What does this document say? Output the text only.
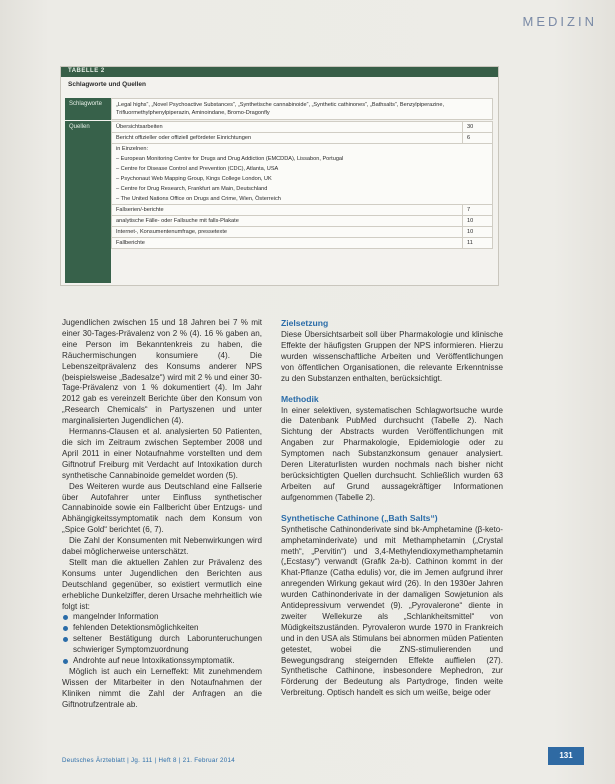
MEDIZIN
TABELLE 2
Schlagworte und Quellen
Schlagworte	„Legal highs“, „Novel Psychoactive Substances“, „Synthetische cannabinoide“, „Synthetic cathinones“, „Bathsalts“, Benzylpiperazine, Trifluormethylphenylpiperazin, Aminoindane, Bromo-Dragonfly
Quellen	Übersichtsarbeiten	30
Bericht offizieller oder offiziell gefördeter Einrichtungen	6
in Einzelnen:
– European Monitoring Centre for Drugs and Drug Addiction (EMCDDA), Lissabon, Portugal
– Centre for Disease Control and Prevention (CDC), Atlanta, USA
– Psychonaut Web Mapping Group, Kings College London, UK
– Centre for Drug Research, Frankfurt am Main, Deutschland
– The United Nations Office on Drugs and Crime, Wien, Österreich
Fallserien/-berichte	7
analytische Fälle- oder Fallsuche mit falls-Plakate	10
Internet-, Konsumentenumfrage, pressetexte	10
Fallberichte	11

Jugendlichen zwischen 15 und 18 Jahren bei 7 % mit einer 30-Tages-Prävalenz von 2 % (4). 16 % gaben an, eine Person im Bekanntenkreis zu haben, die Räuchermischungen konsumiere (4). Die Lebenszeitprävalenz des Konsums anderer NPS (beispielsweise „Badesalze“) wird mit 2 % und einer 30-Tage-Prävalenz von 1 % dokumentiert (4). Im Jahr 2012 gab es vereinzelt Berichte über den Konsum von „Research Chemicals“ in Partyszenen und unter marginalisierten Jugendlichen (4).

Hermanns-Clausen et al. analysierten 50 Patienten, die sich im Zeitraum zwischen September 2008 und April 2011 in einer Notaufnahme vorstellten und dem Giftnotruf Freiburg mit Verdacht auf Intoxikation durch synthetische Cannabinoide gemeldet worden (5).

Des Weiteren wurde aus Deutschland eine Fallserie über Autofahrer unter Einfluss synthetischer Cannabinoide sowie ein Fallbericht über Entzugs- und Abhängigkeitssymptomatik nach dem Konsum von „Spice Gold“ berichtet (6, 7).

Die Zahl der Konsumenten mit Nebenwirkungen wird dabei möglicherweise unterschätzt.

Stellt man die aktuellen Zahlen zur Prävalenz des Konsums unter Jugendlichen den Berichten aus Deutschland gegenüber, so existiert vermutlich eine erhebliche Dunkelziffer, deren Ursache mehrheitlich wie folgt ist:

mangelnder Information
fehlenden Detektionsmöglichkeiten
seltener Bestätigung durch Laborunteruchungen schwieriger Symptomzuordnung
Androhte auf neue Intoxikationssymptomatik.

Möglich ist auch ein Lerneffekt: Mit zunehmendem Wissen der Mitarbeiter in den Notaufnahmen der Kliniken nimmt die Zahl der Anfragen an die Giftnotrufzentrale ab.

Zielsetzung

Diese Übersichtsarbeit soll über Pharmakologie und klinische Effekte der häufigsten Gruppen der NPS informieren. Hierzu wurden wissenschaftliche Arbeiten und Veröffentlichungen von öffentlichen Organisationen, die relevante Erkenntnisse zu den Substanzen enthalten, berücksichtigt.

Methodik

In einer selektiven, systematischen Schlagwortsuche wurde die Datenbank PubMed durchsucht (Tabelle 2). Nach Sichtung der Abstracts wurden Veröffentlichungen mit Angaben zur Pharmakologie, Epidemiologie oder zu Symptomen nach Substanzkonsum genauer analysiert. Deren Literaturlisten wurden nochmals nach bisher nicht berücksichtigten Quellen durchsucht. Schließlich wurden 63 Arbeiten auf Grund aussagekräftiger Informationen aufgenommen (Tabelle 2).

Synthetische Cathinone („Bath Salts“)

Synthetische Cathinonderivate sind bk-Amphetamine (β-keto-amphetaminderivate) und mit Methamphetamin („Crystal meth“, „Pervitin“) und 3,4-Methylendioxymethamphetamin („Ecstasy“) verwandt (Grafik 2a-b). Cathinon kommt in der Khat-Pflanze (Catha edulis) vor, die im Jemen aufgrund ihrer anregenden Wirkung gekaut wird (26). In den 1930er Jahren wurden Cathinonderivate in der damaligen Sowjetunion als Antidepressivum verwendet (9). „Pyrovalerone“ diente in zweiter Wellekurze als „Schlankheitsmittel“ von Müdigkeitszuständen. Pyrovaleron wurde 1970 in Frankreich und in den USA als Stimulans bei abnormen müden Patienten getestet, wobei die ZNS-stimulierenden und Bewegungsdrang steigernden Effekte auffielen (27). Synthetische Cathinone, insbesondere Mephedron, zur Förderung der Bedeutung als Partydroge, finden weite Verbreitung. Optisch handelt es sich um weiße, beige oder

Deutsches Ärzteblatt | Jg. 111 | Heft 8 | 21. Februar 2014
131
